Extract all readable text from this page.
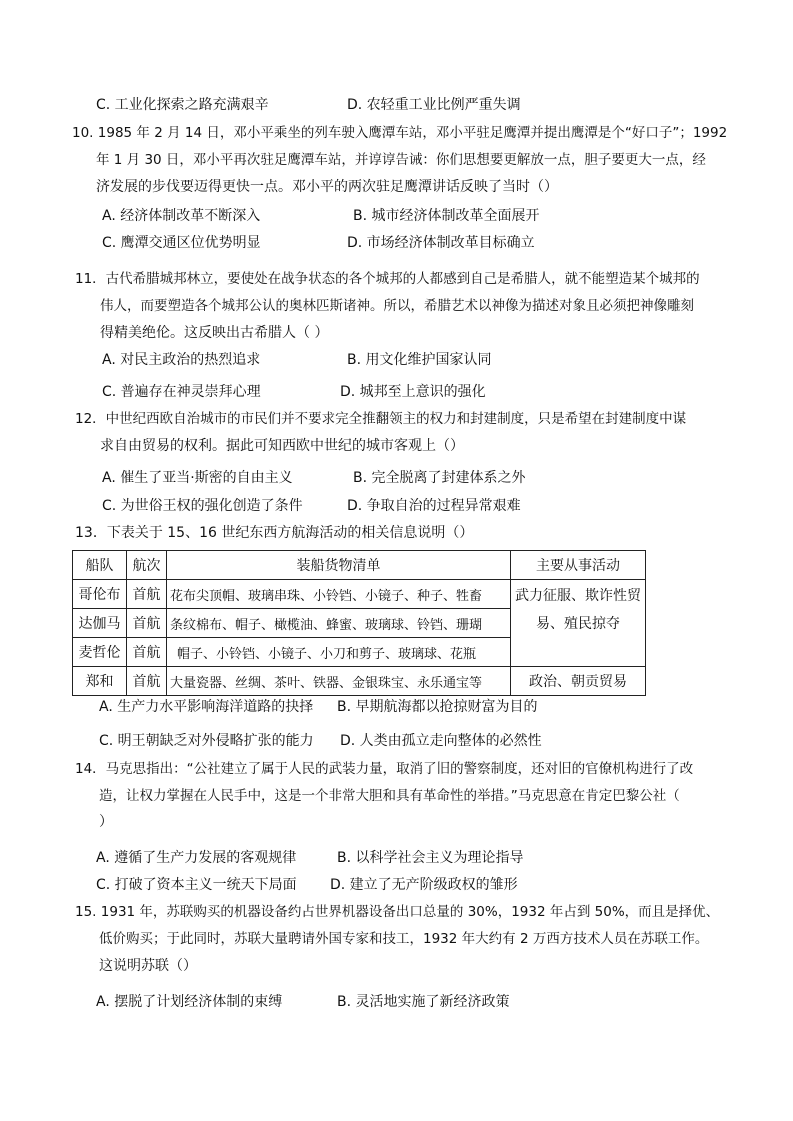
C. 工业化探索之路充满艰辛	D. 农轻重工业比例严重失调
10. 1985 年 2 月 14 日，邓小平乘坐的列车驶入鹰潭车站，邓小平驻足鹰潭并提出鹰潭是个“好口子”；1992
年 1 月 30 日，邓小平再次驻足鹰潭车站，并谆谆告诫：你们思想要更解放一点，胆子要更大一点，经
济发展的步伐要迈得更快一点。邓小平的两次驻足鹰潭讲话反映了当时（）
A. 经济体制改革不断深入	B. 城市经济体制改革全面展开
C. 鹰潭交通区位优势明显	D. 市场经济体制改革目标确立
11．古代希腊城邦林立，要使处在战争状态的各个城邦的人都感到自己是希腊人，就不能塑造某个城邦的
伟人，而要塑造各个城邦公认的奥林匹斯诸神。所以，希腊艺术以神像为描述对象且必须把神像雕刻
得精美绝伦。这反映出古希腊人（ ）
A. 对民主政治的热烈追求	B. 用文化维护国家认同
C. 普遍存在神灵崇拜心理	D. 城邦至上意识的强化
12．中世纪西欧自治城市的市民们并不要求完全推翻领主的权力和封建制度，只是希望在封建制度中谋
求自由贸易的权利。据此可知西欧中世纪的城市客观上（）
A. 催生了亚当·斯密的自由主义	B. 完全脱离了封建体系之外
C. 为世俗王权的强化创造了条件	D. 争取自治的过程异常艰难
13．下表关于 15、16 世纪东西方航海活动的相关信息说明（）
船队	航次	装船货物清单	主要从事活动
哥伦布	首航	花布尖顶帽、玻璃串珠、小铃铛、小镜子、种子、牲畜	武力征服、欺诈性贸易、殖民掠夺
达伽马	首航	条纹棉布、帽子、橄榄油、蜂蜜、玻璃球、铃铛、珊瑚	
麦哲伦	首航	帽子、小铃铛、小镜子、小刀和剪子、玻璃球、花瓶	
郑和	首航	大量瓷器、丝绸、茶叶、铁器、金银珠宝、永乐通宝等	政治、朝贡贸易
A. 生产力水平影响海洋道路的抉择 B. 早期航海都以抢掠财富为目的
C. 明王朝缺乏对外侵略扩张的能力 D. 人类由孤立走向整体的必然性
14．马克思指出：“公社建立了属于人民的武装力量，取消了旧的警察制度，还对旧的官僚机构进行了改
造，让权力掌握在人民手中，这是一个非常大胆和具有革命性的举措。”马克思意在肯定巴黎公社（
）
A. 遵循了生产力发展的客观规律	B. 以科学社会主义为理论指导
C. 打破了资本主义一统天下局面 D. 建立了无产阶级政权的雏形
15. 1931 年，苏联购买的机器设备约占世界机器设备出口总量的 30%，1932 年占到 50%，而且是择优、
低价购买；于此同时，苏联大量聘请外国专家和技工，1932 年大约有 2 万西方技术人员在苏联工作。
这说明苏联（）
A. 摆脱了计划经济体制的束缚	B. 灵活地实施了新经济政策
